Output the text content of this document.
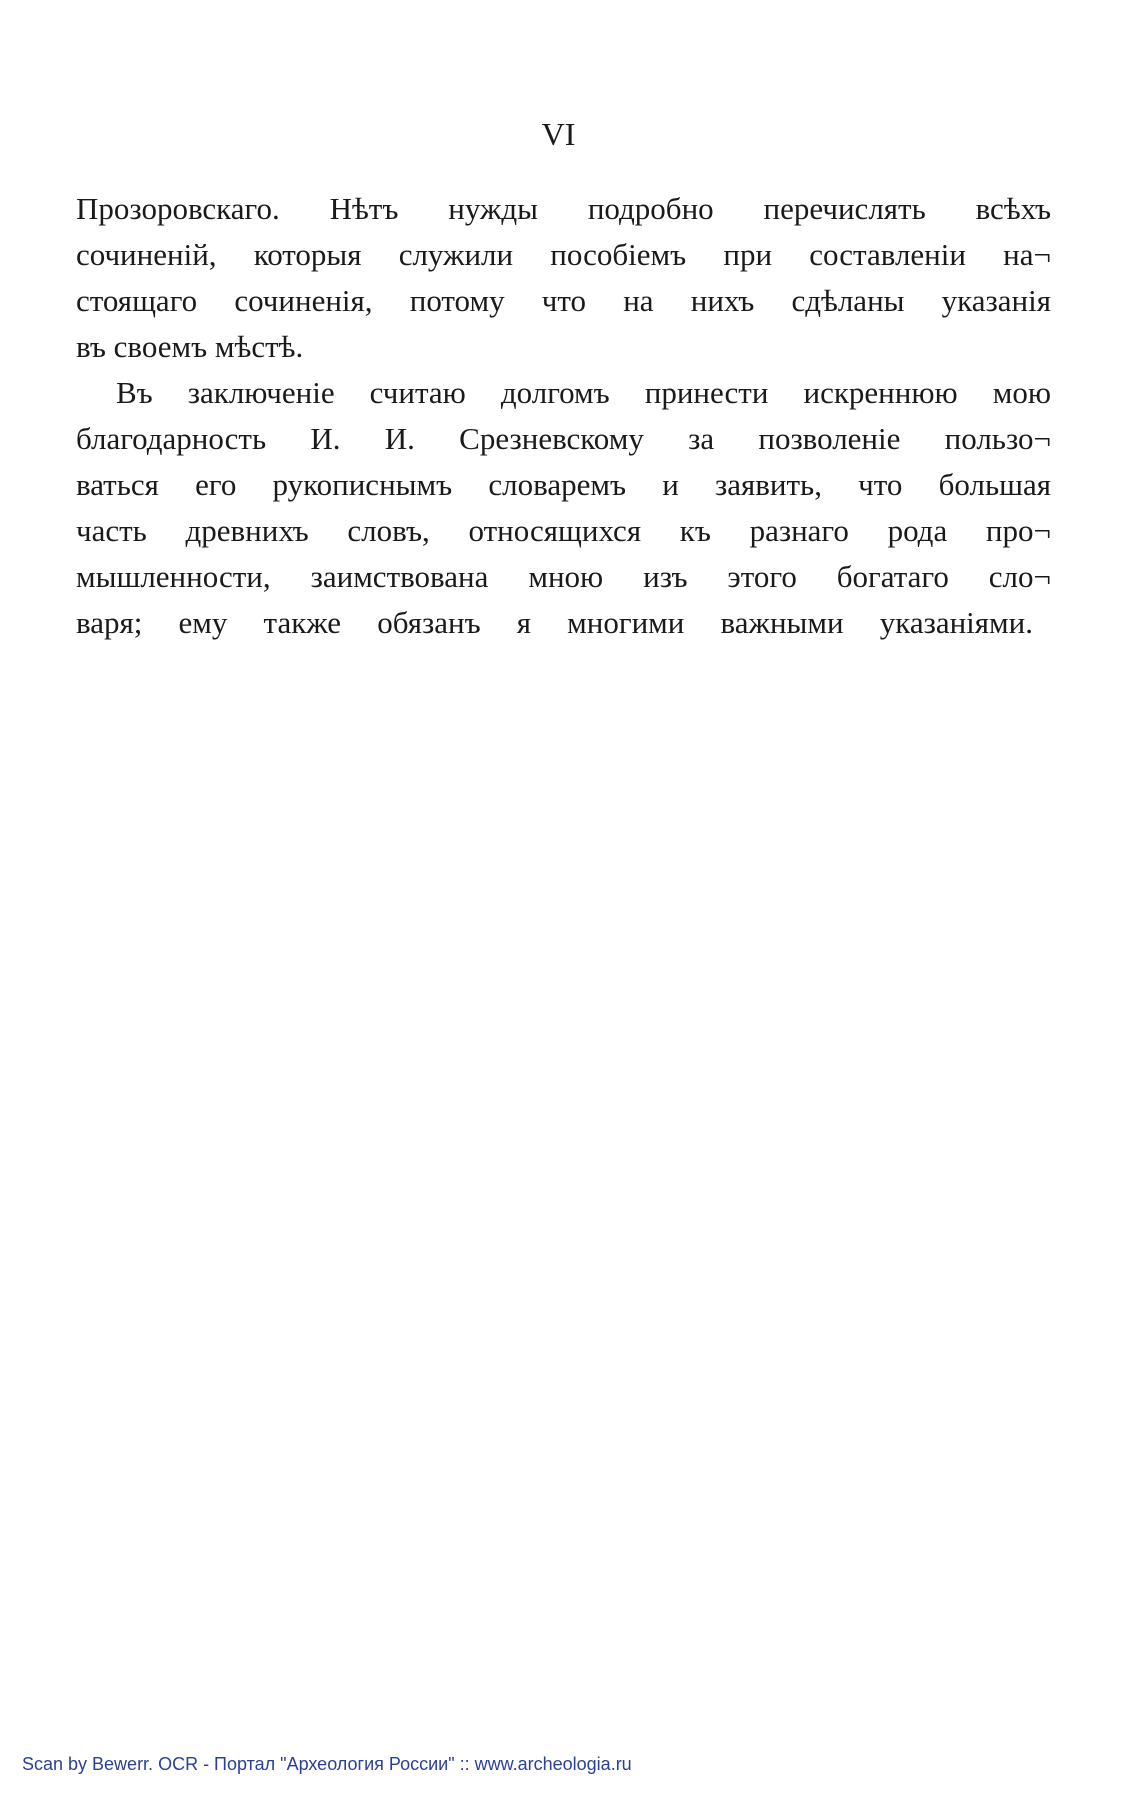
VI
Прозоровскаго. Нѣтъ нужды подробно перечислять всѣхъ
сочиненій, которыя служили пособіемъ при составленіи на¬
стоящаго сочиненія, потому что на нихъ сдѣланы указанія
въ своемъ мѣстѣ.
Въ заключеніе считаю долгомъ принести искреннюю мою
благодарность И. И. Срезневскому за позволеніе пользо¬
ваться его рукописнымъ словаремъ и заявить, что большая
часть древнихъ словъ, относящихся къ разнаго рода про¬
мышленности, заимствована мною изъ этого богатаго сло¬
варя; ему также обязанъ я многими важными указаніями.
Scan by Bewerr. OCR - Портал "Археология России" :: www.archeologia.ru
